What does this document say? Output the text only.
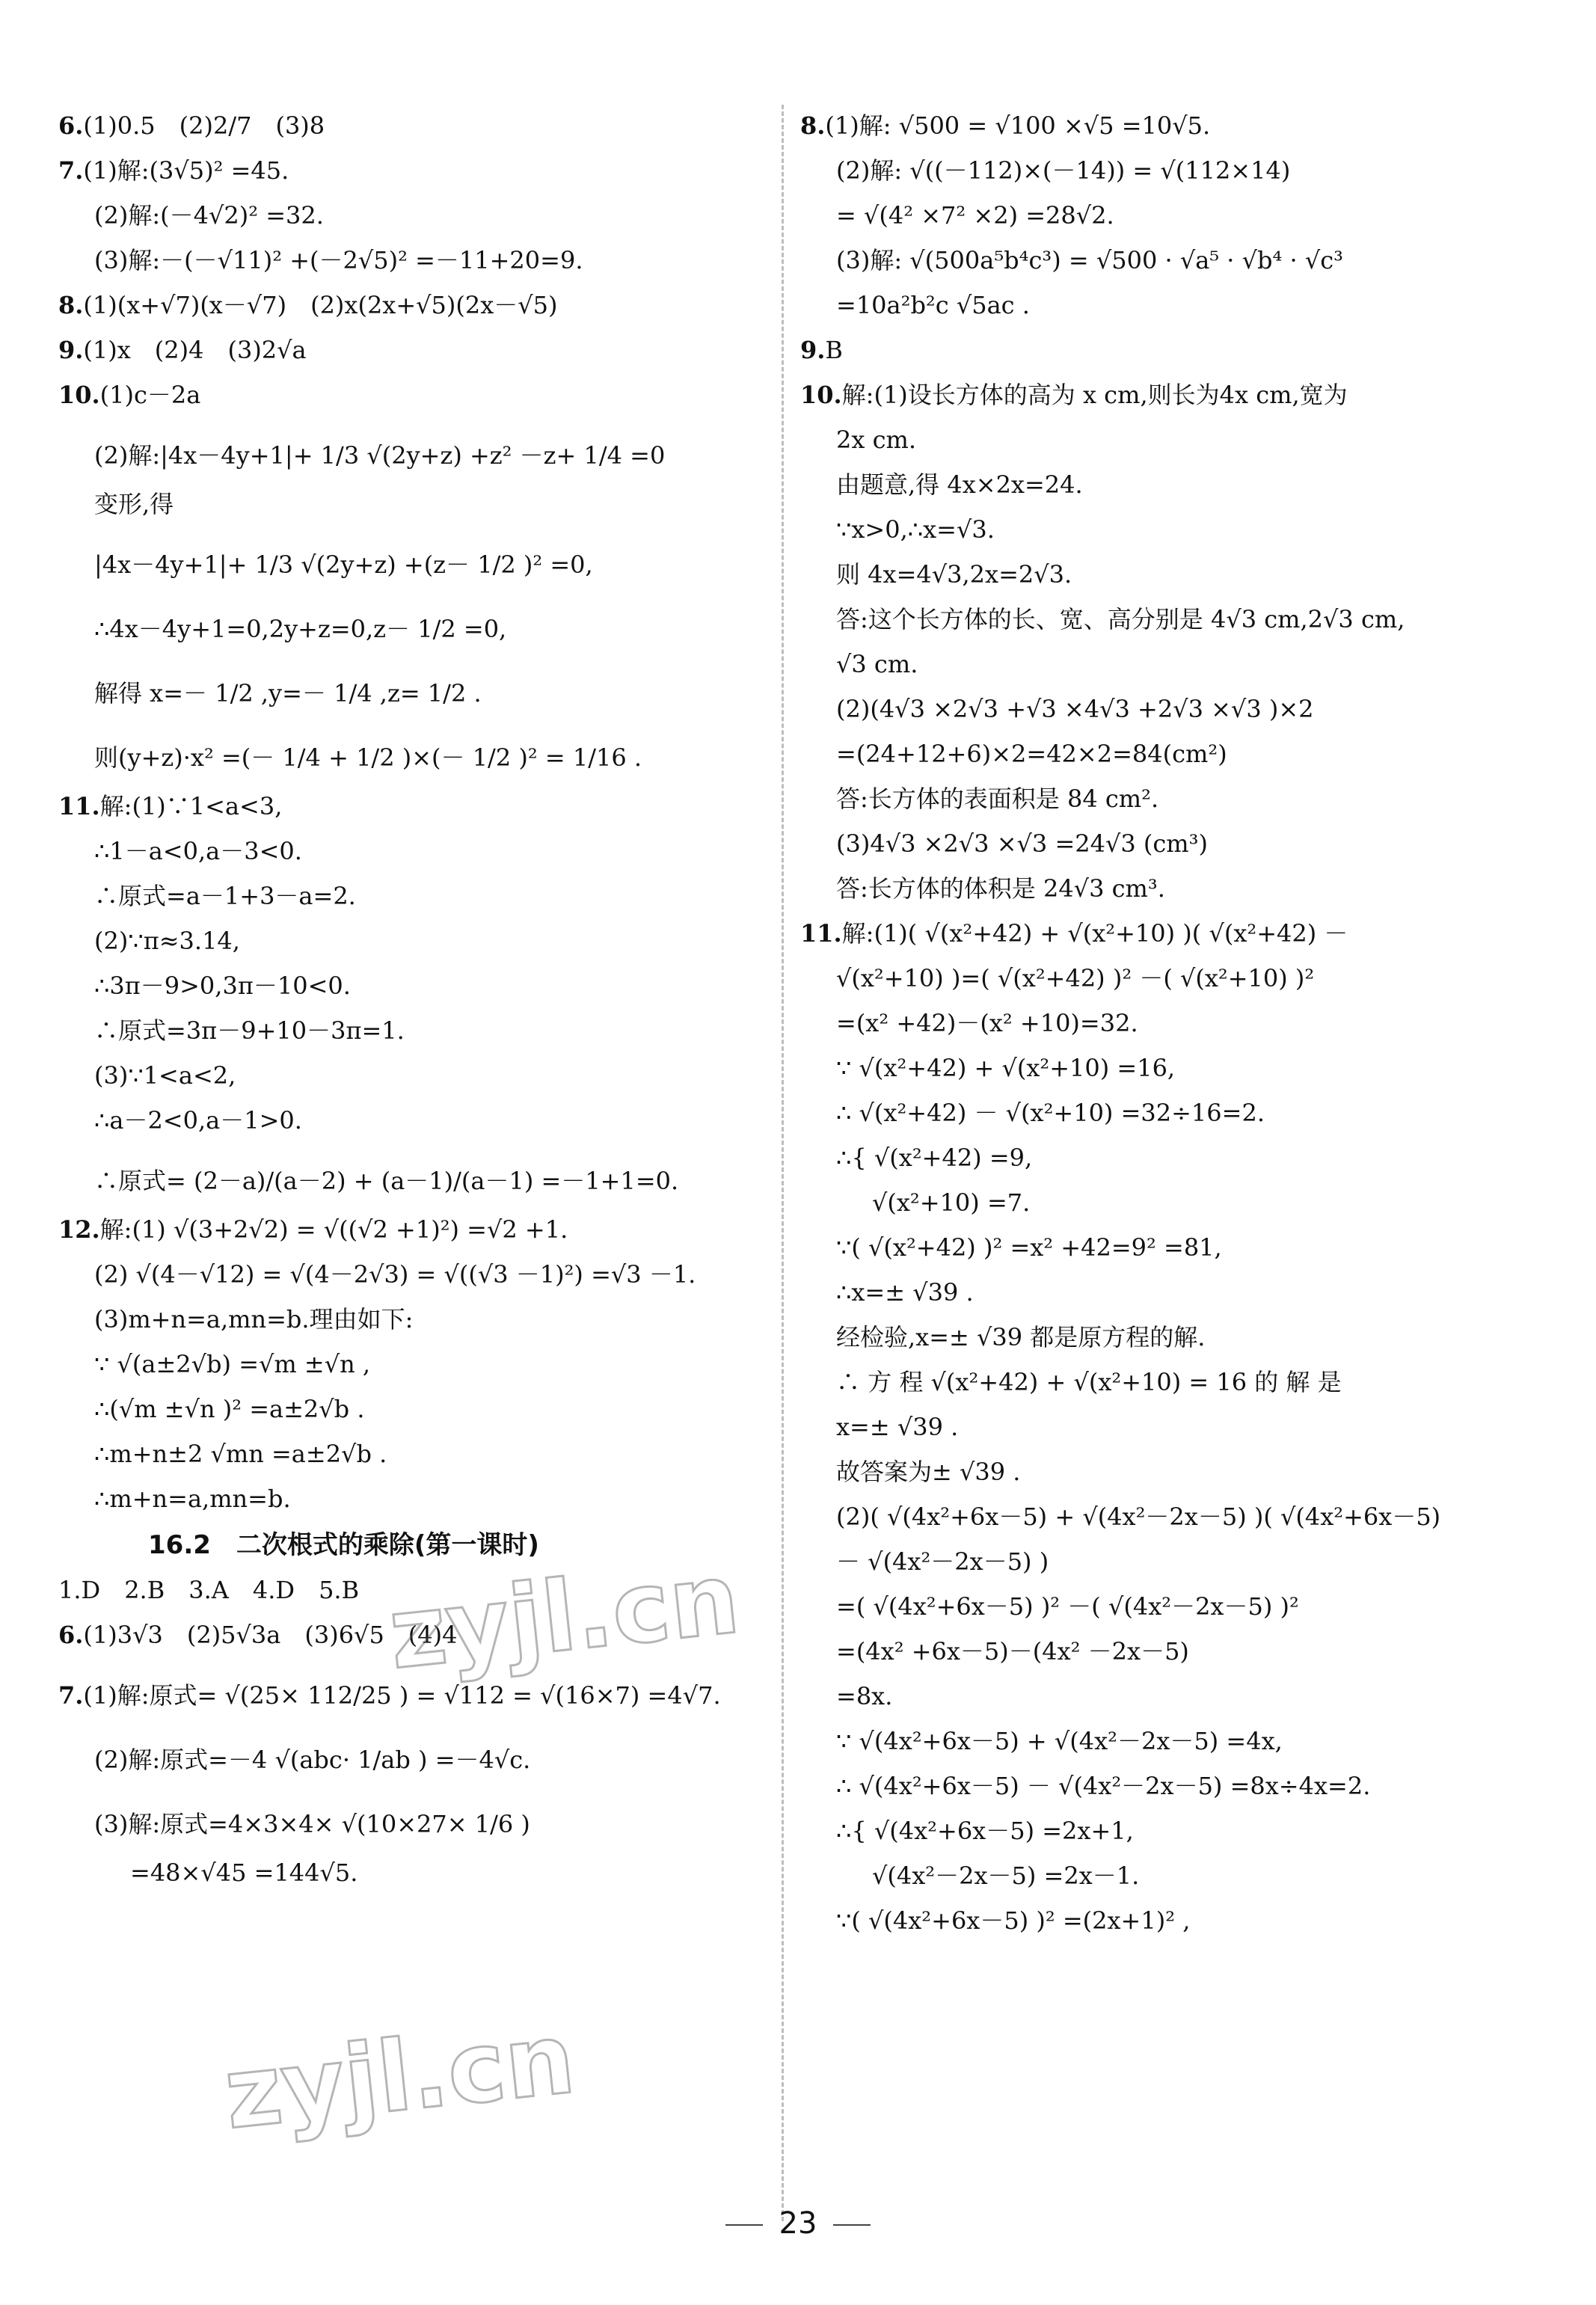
6.(1)0.5　(2)2/7　(3)8
7.(1)解:(3√5)² =45.
(2)解:(－4√2)² =32.
(3)解:－(－√11)² +(－2√5)² =－11+20=9.
8.(1)(x+√7)(x－√7)　(2)x(2x+√5)(2x－√5)
9.(1)x　(2)4　(3)2√a
10.(1)c－2a
(2)解:|4x－4y+1|+ 1/3 √(2y+z) +z² －z+ 1/4 =0
变形,得
|4x－4y+1|+ 1/3 √(2y+z) +(z－ 1/2 )² =0,
∴4x－4y+1=0,2y+z=0,z－ 1/2 =0,
解得 x=－ 1/2 ,y=－ 1/4 ,z= 1/2 .
则(y+z)·x² =(－ 1/4 + 1/2 )×(－ 1/2 )² = 1/16 .
11.解:(1)∵1<a<3,
∴1－a<0,a－3<0.
∴原式=a－1+3－a=2.
(2)∵π≈3.14,
∴3π－9>0,3π－10<0.
∴原式=3π－9+10－3π=1.
(3)∵1<a<2,
∴a－2<0,a－1>0.
∴原式= (2－a)/(a－2) + (a－1)/(a－1) =－1+1=0.
12.解:(1) √(3+2√2) = √((√2 +1)²) =√2 +1.
(2) √(4－√12) = √(4－2√3) = √((√3 －1)²) =√3 －1.
(3)m+n=a,mn=b.理由如下:
∵ √(a±2√b) =√m ±√n ,
∴(√m ±√n )² =a±2√b .
∴m+n±2 √mn =a±2√b .
∴m+n=a,mn=b.
16.2　二次根式的乘除(第一课时)
1.D　2.B　3.A　4.D　5.B
6.(1)3√3　(2)5√3a　(3)6√5　(4)4
7.(1)解:原式= √(25× 112/25 ) = √112 = √(16×7) =4√7.
(2)解:原式=－4 √(abc· 1/ab ) =－4√c.
(3)解:原式=4×3×4× √(10×27× 1/6 )
=48×√45 =144√5.
8.(1)解: √500 = √100 ×√5 =10√5.
(2)解: √((－112)×(－14)) = √(112×14)
= √(4² ×7² ×2) =28√2.
(3)解: √(500a⁵b⁴c³) = √500 · √a⁵ · √b⁴ · √c³
=10a²b²c √5ac .
9.B
10.解:(1)设长方体的高为 x cm,则长为4x cm,宽为
2x cm.
由题意,得 4x×2x=24.
∵x>0,∴x=√3.
则 4x=4√3,2x=2√3.
答:这个长方体的长、宽、高分别是 4√3 cm,2√3 cm,
√3 cm.
(2)(4√3 ×2√3 +√3 ×4√3 +2√3 ×√3 )×2
=(24+12+6)×2=42×2=84(cm²)
答:长方体的表面积是 84 cm².
(3)4√3 ×2√3 ×√3 =24√3 (cm³)
答:长方体的体积是 24√3 cm³.
11.解:(1)( √(x²+42) + √(x²+10) )( √(x²+42) －
√(x²+10) )=( √(x²+42) )² －( √(x²+10) )²
=(x² +42)－(x² +10)=32.
∵ √(x²+42) + √(x²+10) =16,
∴ √(x²+42) － √(x²+10) =32÷16=2.
∴{ √(x²+42) =9,
√(x²+10) =7.
∵( √(x²+42) )² =x² +42=9² =81,
∴x=± √39 .
经检验,x=± √39 都是原方程的解.
∴ 方 程 √(x²+42) + √(x²+10) = 16 的 解 是
x=± √39 .
故答案为± √39 .
(2)( √(4x²+6x－5) + √(4x²－2x－5) )( √(4x²+6x－5)
－ √(4x²－2x－5) )
=( √(4x²+6x－5) )² －( √(4x²－2x－5) )²
=(4x² +6x－5)－(4x² －2x－5)
=8x.
∵ √(4x²+6x－5) + √(4x²－2x－5) =4x,
∴ √(4x²+6x－5) － √(4x²－2x－5) =8x÷4x=2.
∴{ √(4x²+6x－5) =2x+1,
√(4x²－2x－5) =2x－1.
∵( √(4x²+6x－5) )² =(2x+1)² ,
zyjl.cn
zyjl.cn
23
